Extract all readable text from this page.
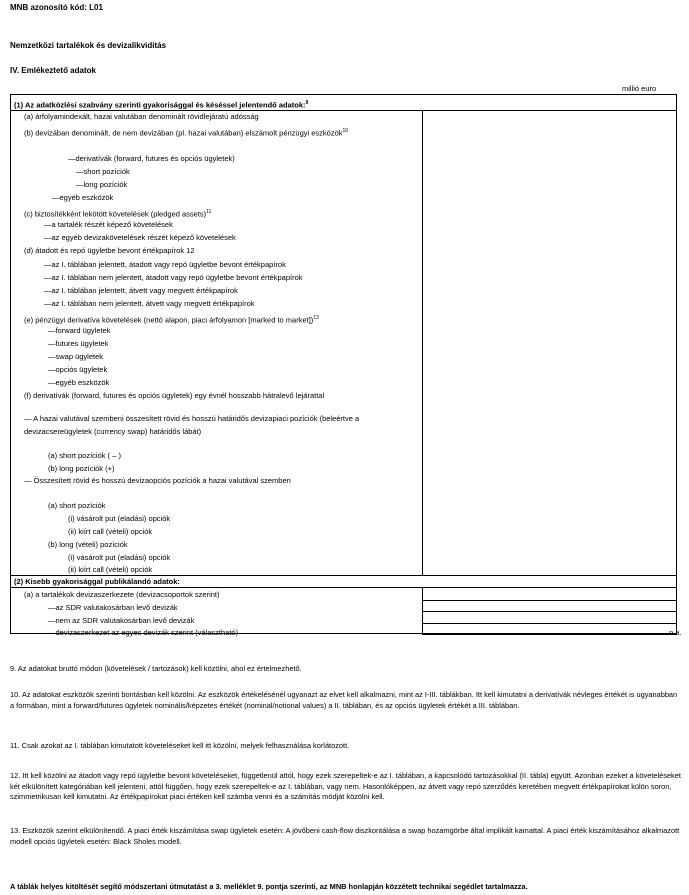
MNB azonosító kód: L01
Nemzetközi tartalékok és devizalikviditás
IV. Emlékeztető adatok
millió euro
(1) Az adatközlési szabvány szerinti gyakorisággal és késéssel jelentendő adatok:$^9$
(a) árfolyamindexált, hazai valutában denominált rövidlejáratú adósság
(b) devizában denominált, de nem devizában (pl. hazai valutában) elszámolt pénzügyi eszközök$^{10}$
—derivatívák (forward, futures és opciós ügyletek)
—short pozíciók
—long pozíciók
—egyéb eszközök
(c) biztosítékként lekötött követelések (pledged assets)$^{11}$
—a tartalék részét képező követelések
—az egyéb devizakövetelések részét képező követelések
(d) átadott és repó ügyletbe bevont értékpapírok 12
—az I. táblában jelentett, átadott vagy repó ügyletbe bevont értékpapírok
—az I. táblában nem jelentett, átadott vagy repó ügyletbe bevont értékpapírok
—az I. táblában jelentett, átvett vagy megvett értékpapírok
—az I. táblában nem jelentett, átvett vagy megvett értékpapírok
(e) pénzügyi derivatíva követelések (nettó alapon, piaci árfolyamon [marked to market])$^{13}$
—forward ügyletek
—futures ügyletek
—swap ügyletek
—opciós ügyletek
—egyéb eszközök
(f) derivatívák (forward, futures és opciós ügyletek) egy évnél hosszabb hátralevő lejárattal
— A hazai valutával szembeni összesített rövid és hosszú határidős devizapiaci pozíciók (beleértve a
devizacsereügyletek (currency swap) határidős lábát)
(a) short pozíciók ( – )
(b) long pozíciók (+)
— Összesített rövid és hosszú devizaopciós pozíciók a hazai valutával szemben
(a) short pozíciók
(i) vásárolt put (eladási) opciók
(ii) kiírt call (vételi) opciók
(b) long (vételi) pozíciók
(i) vásárolt put (eladási) opciók
(ii) kiírt call (vételi) opciók
(2) Kisebb gyakorisággal publikálandó adatok:
(a) a tartalékok devizaszerkezete (devizacsoportok szerint)
—az SDR valutakosárban levő devizák
—nem az SDR valutakosárban levő devizák
—devizaszerkezet az egyes devizák szerint (választható)	n.a.
9. Az adatokat bruttó módon (követelések / tartozások) kell közölni, ahol ez értelmezhető.
10. Az adatokat eszközök szerinti bontásban kell közölni. Az eszközök értékelésénél ugyanazt az elvet kell alkalmazni, mint az I-III. táblákban. Itt kell kimutatni a derivatívák névleges értékét is ugyanabban a formában, mint a forward/futures ügyletek nominális/képzetes értékét (nominal/notional values) a II. táblában, és az opciós ügyletek értékét a III. táblában.
11. Csak azokat az I. táblában kimutatott követeléseket kell itt közölni, melyek felhasználása korlátozott.
12. Itt kell közölni az átadott vagy repó ügyletbe bevont követeléseket, függetlenül attól, hogy ezek szerepeltek-e az I. táblában, a kapcsolódó tartozásokkal (II. tábla) együtt. Azonban ezeket a követeléseket két elkülönített kategóriában kell jelenteni, attól függően, hogy ezek szerepeltek-e az I. táblában, vagy nem. Hasonlóképpen, az átvett vagy repó szerződés keretében megvett értékpapírokat külön soron, szimmetrikusan kell kimutatni. Az értékpapírokat piaci értéken kell számba venni és a számítás módját közölni kell.
13. Eszközök szerint elkülönítendő. A piaci érték kiszámítása swap ügyletek esetén: A jövőbeni cash-flow diszkontálása a swap hozamgörbe által implikált kamattal. A piaci érték kiszámításához alkalmazott modell opciós ügyletek esetén: Black Sholes modell.
A táblák helyes kitöltését segítő módszertani útmutatást a 3. melléklet 9. pontja szerinti, az MNB honlapján közzétett technikai segédlet tartalmazza.
